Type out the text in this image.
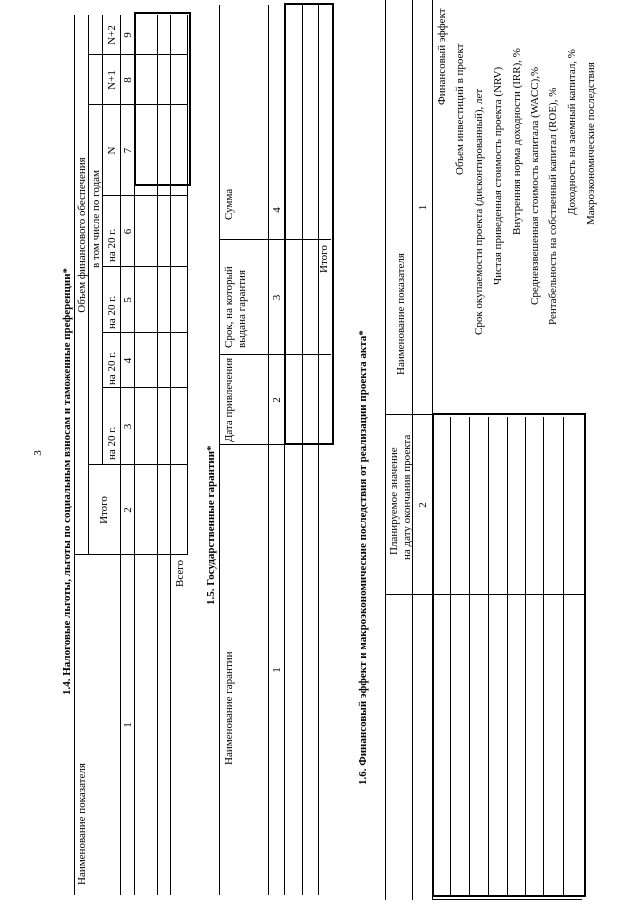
3 1.4. Налоговые льготы, льготы по социальным взносам и таможенные преференции*
Наименование показателя
Объем финансового обеспечения
Итого
в том числе по годам
на 20 г.
на 20 г.
на 20 г.
на 20 г.
N
N+1
N+2
1
2
3
4
5
6
7
8
9
Всего 1.5. Государственные гарантии*
Наименование гарантии
Дата привлечения
Срок, на который выдана гарантия
Сумма
1
2
3
4
Итого
1.6. Финансовый эффект и макроэкономические последствия от реализации проекта акта*
Наименование показателя
Планируемое значение на дату окончания проекта
1
2
Финансовый эффект Объем инвестиций в проект Срок окупаемости проекта (дисконтированный), лет Чистая приведенная стоимость проекта (NRV) Внутренняя норма доходности (IRR), % Средневзвешенная стоимость капитала (WACC),% Рентабельность на собственный капитал (ROE), % Доходность на заемный капитал, % Макроэкономические последствия
